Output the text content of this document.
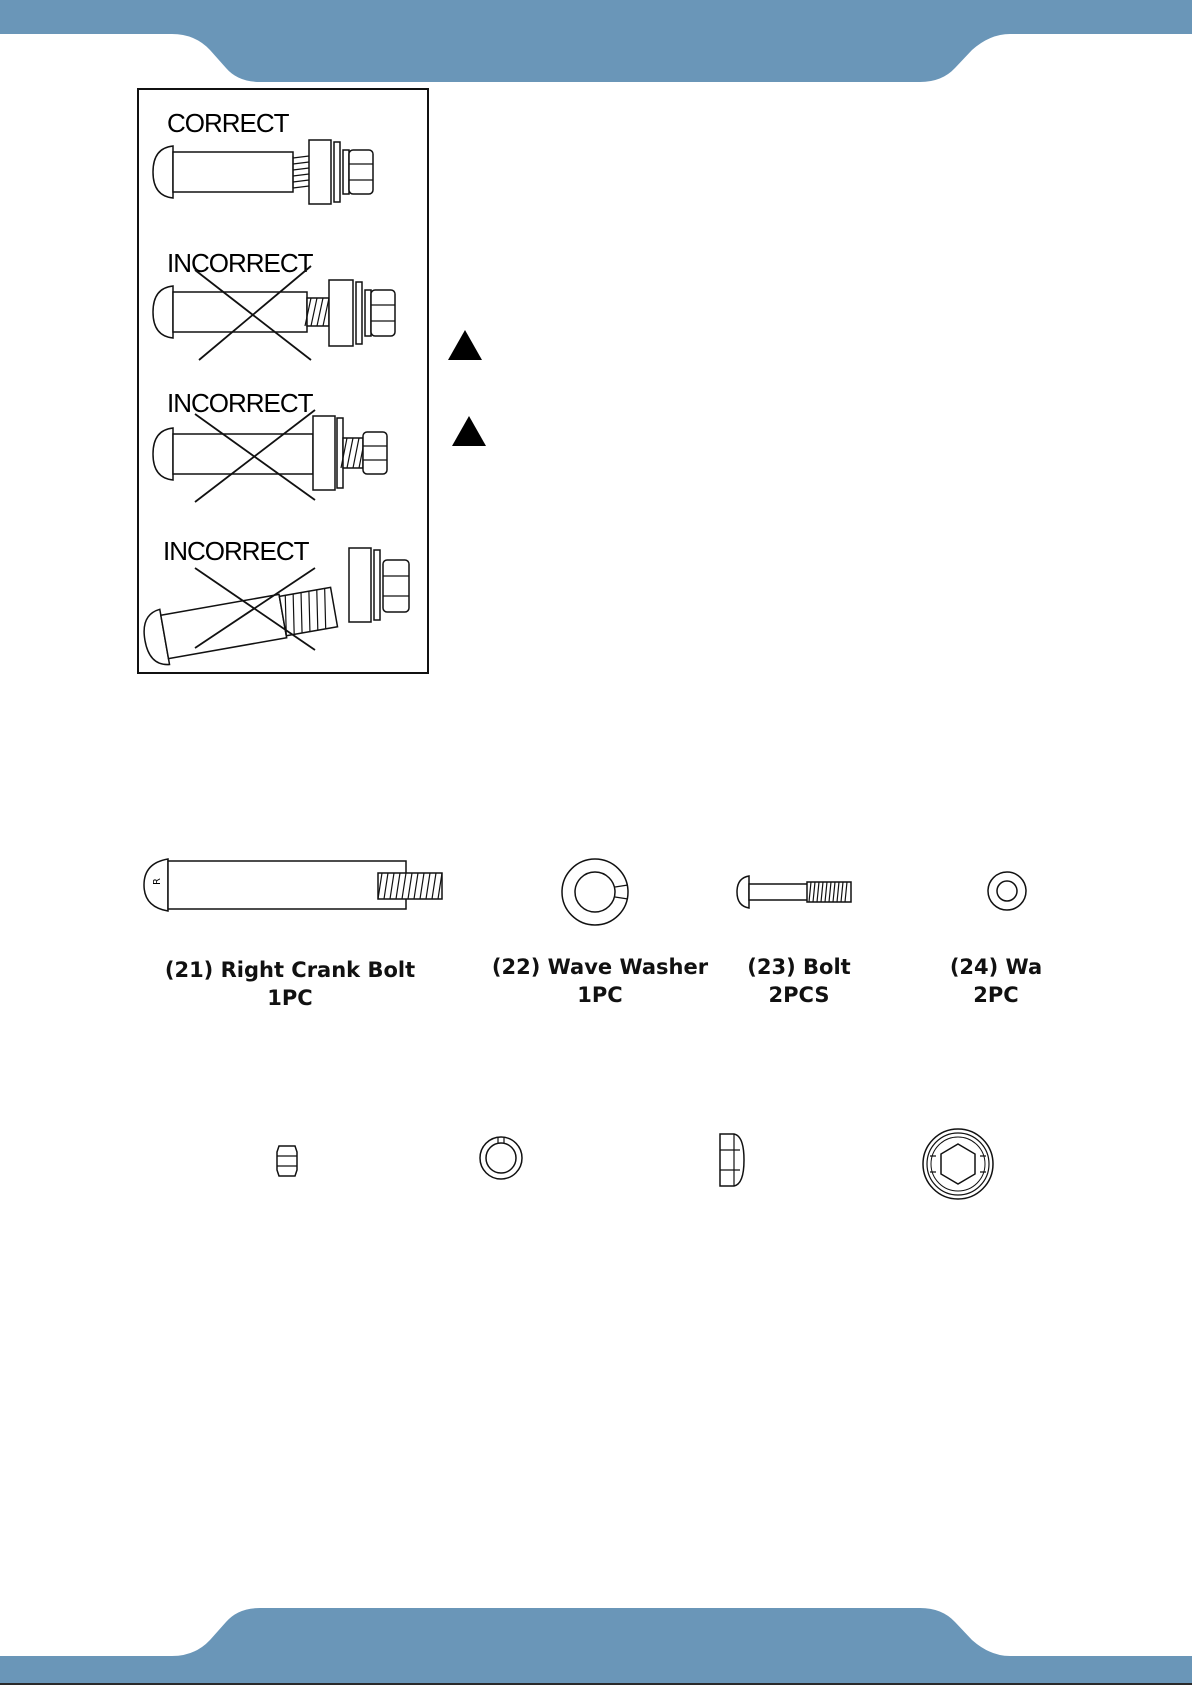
CORRECT
INCORRECT
INCORRECT
INCORRECT
R
(21) Right Crank Bolt
1PC
(22) Wave Washer
1PC
(23) Bolt
2PCS
(24) Wa
2PC
